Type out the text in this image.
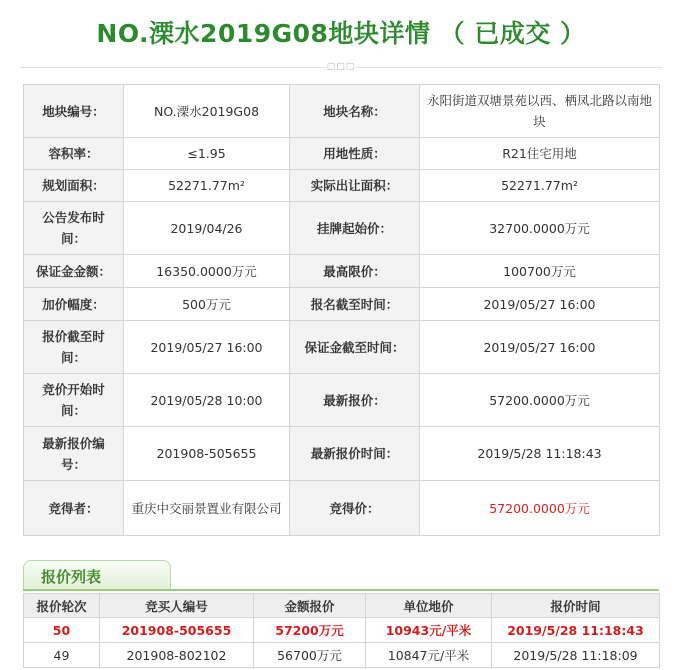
NO.溧水2019G08地块详情 （ 已成交 ）
□□□
地块编号：	NO.溧水2019G08	地块名称：	永阳街道双塘景苑以西、栖凤北路以南地块
容积率：	≤1.95	用地性质：	R21住宅用地
规划面积：	52271.77m²	实际出让面积：	52271.77m²
公告发布时间：	2019/04/26	挂牌起始价：	32700.0000万元
保证金金额：	16350.0000万元	最高限价：	100700万元
加价幅度：	500万元	报名截至时间：	2019/05/27 16:00
报价截至时间：	2019/05/27 16:00	保证金截至时间：	2019/05/27 16:00
竞价开始时间：	2019/05/28 10:00	最新报价：	57200.0000万元
最新报价编号：	201908-505655	最新报价时间：	2019/5/28 11:18:43
竞得者：	重庆中交丽景置业有限公司	竞得价：	57200.0000万元
报价列表
报价轮次	竞买人编号	金额报价	单位地价	报价时间
50	201908-505655	57200万元	10943元/平米	2019/5/28 11:18:43
49	201908-802102	56700万元	10847元/平米	2019/5/28 11:18:09
